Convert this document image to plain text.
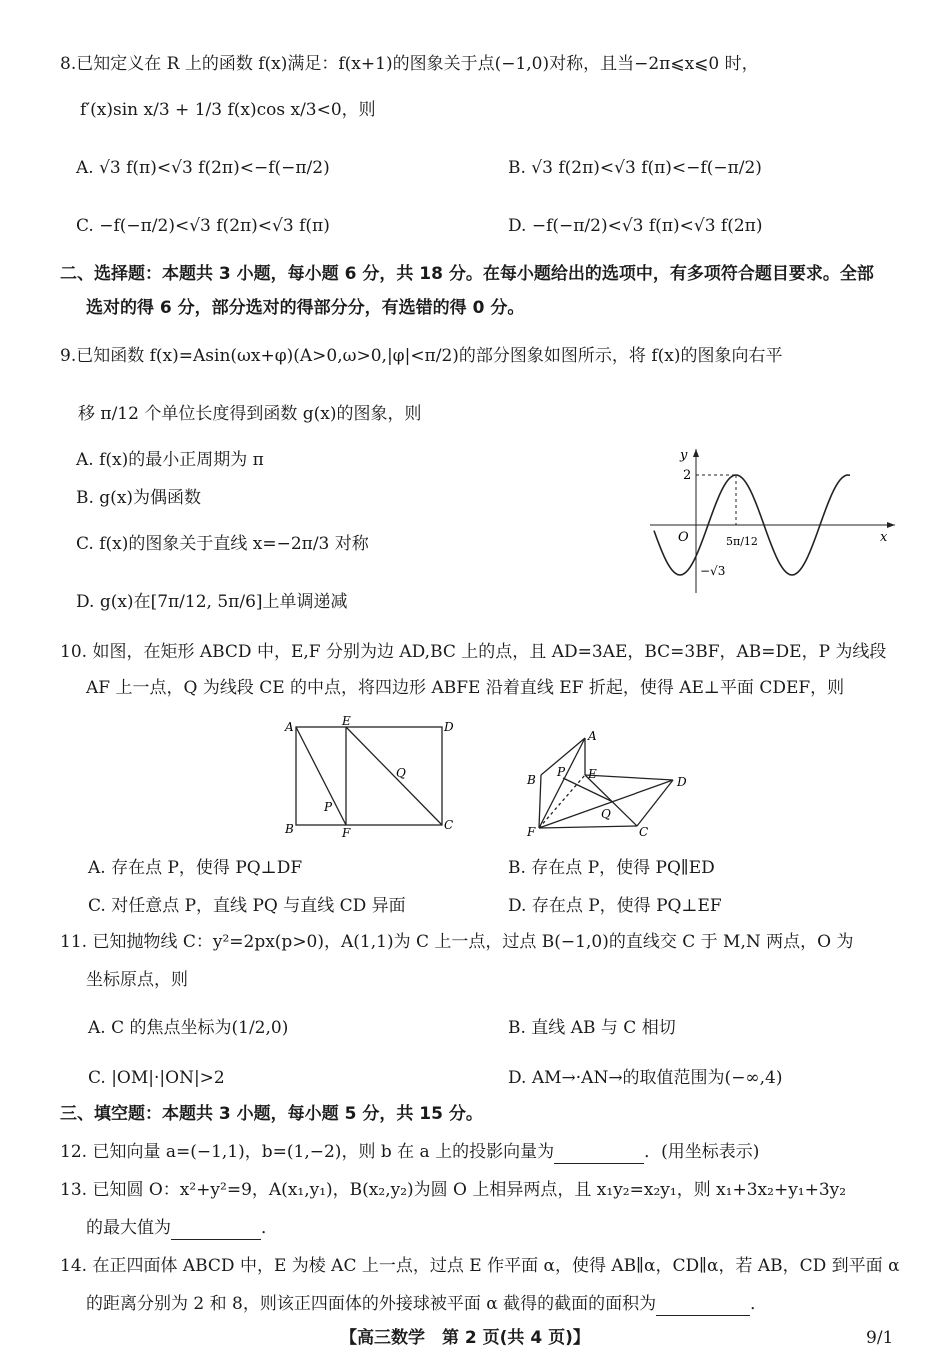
8.已知定义在 R 上的函数 f(x)满足：f(x+1)的图象关于点(−1,0)对称，且当−2π⩽x⩽0 时，
f′(x)sin x/3 + 1/3 f(x)cos x/3<0，则
A. √3 f(π)<√3 f(2π)<−f(−π/2)	B. √3 f(2π)<√3 f(π)<−f(−π/2)
C. −f(−π/2)<√3 f(2π)<√3 f(π)	D. −f(−π/2)<√3 f(π)<√3 f(2π)
二、选择题：本题共 3 小题，每小题 6 分，共 18 分。在每小题给出的选项中，有多项符合题目要求。全部
选对的得 6 分，部分选对的得部分分，有选错的得 0 分。
9.已知函数 f(x)=Asin(ωx+φ)(A>0,ω>0,|φ|<π/2)的部分图象如图所示，将 f(x)的图象向右平
移 π/12 个单位长度得到函数 g(x)的图象，则
A. f(x)的最小正周期为 π
B. g(x)为偶函数
C. f(x)的图象关于直线 x=−2π/3 对称
D. g(x)在[7π/12, 5π/6]上单调递减
y
x
O
2
−√3
5π/12
10. 如图，在矩形 ABCD 中，E,F 分别为边 AD,BC 上的点，且 AD=3AE，BC=3BF，AB=DE，P 为线段
AF 上一点，Q 为线段 CE 的中点，将四边形 ABFE 沿着直线 EF 折起，使得 AE⊥平面 CDEF，则
A	E	D
B	F
C
P
Q
A
B
P E
D
Q
F	C
A. 存在点 P，使得 PQ⊥DF	B. 存在点 P，使得 PQ∥ED
C. 对任意点 P，直线 PQ 与直线 CD 异面	D. 存在点 P，使得 PQ⊥EF
11. 已知抛物线 C：y²=2px(p>0)，A(1,1)为 C 上一点，过点 B(−1,0)的直线交 C 于 M,N 两点，O 为
坐标原点，则
A. C 的焦点坐标为(1/2,0)	B. 直线 AB 与 C 相切
C. |OM|·|ON|>2	D. AM→·AN→的取值范围为(−∞,4)
三、填空题：本题共 3 小题，每小题 5 分，共 15 分。
12. 已知向量 a=(−1,1)，b=(1,−2)，则 b 在 a 上的投影向量为	．(用坐标表示)
13. 已知圆 O：x²+y²=9，A(x₁,y₁)，B(x₂,y₂)为圆 O 上相异两点，且 x₁y₂=x₂y₁，则 x₁+3x₂+y₁+3y₂
的最大值为	．
14. 在正四面体 ABCD 中，E 为棱 AC 上一点，过点 E 作平面 α，使得 AB∥α，CD∥α，若 AB，CD 到平面 α
的距离分别为 2 和 8，则该正四面体的外接球被平面 α 截得的截面的面积为	．
【高三数学　第 2 页(共 4 页)】	9/1
